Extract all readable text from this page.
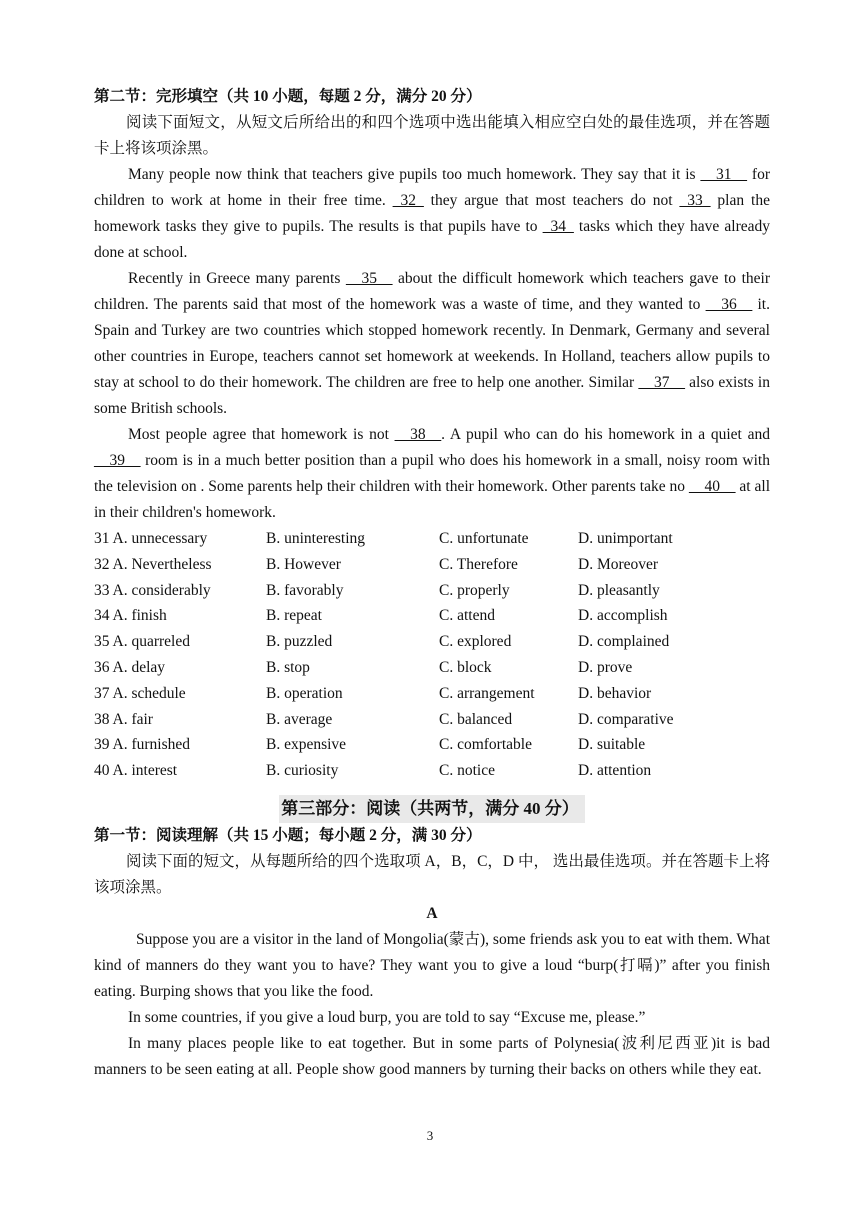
第二节：完形填空（共 10 小题，每题 2 分，满分 20 分）
阅读下面短文，从短文后所给出的和四个选项中选出能填入相应空白处的最佳选项，并在答题卡上将该项涂黑。
Many people now think that teachers give pupils too much homework. They say that it is __31__ for children to work at home in their free time. _32_ they argue that most teachers do not _33_ plan the homework tasks they give to pupils. The results is that pupils have to _34_ tasks which they have already done at school.
Recently in Greece many parents __35__ about the difficult homework which teachers gave to their children. The parents said that most of the homework was a waste of time, and they wanted to __36__ it. Spain and Turkey are two countries which stopped homework recently. In Denmark, Germany and several other countries in Europe, teachers cannot set homework at weekends. In Holland, teachers allow pupils to stay at school to do their homework. The children are free to help one another. Similar __37__ also exists in some British schools.
Most people agree that homework is not __38__. A pupil who can do his homework in a quiet and __39__ room is in a much better position than a pupil who does his homework in a small, noisy room with the television on . Some parents help their children with their homework. Other parents take no __40__ at all in their children's homework.
31 A. unnecessary	B. uninteresting	C. unfortunate	D. unimportant
32 A. Nevertheless	B. However	C. Therefore	D. Moreover
33 A. considerably	B. favorably	C. properly	D. pleasantly
34 A. finish	B. repeat	C. attend	D. accomplish
35 A. quarreled	B. puzzled	C. explored	D. complained
36 A. delay	B. stop	C. block	D. prove
37 A. schedule	B. operation	C. arrangement	D. behavior
38 A. fair	B. average	C. balanced	D. comparative
39 A. furnished	B. expensive	C. comfortable	D. suitable
40 A. interest	B. curiosity	C. notice	D. attention
第三部分：阅读（共两节，满分 40 分）
第一节：阅读理解（共 15 小题；每小题 2 分，满 30 分）
阅读下面的短文，从每题所给的四个选取项 A，B，C，D 中， 选出最佳选项。并在答题卡上将该项涂黑。
A
Suppose you are a visitor in the land of Mongolia(蒙古), some friends ask you to eat with them. What kind of manners do they want you to have? They want you to give a loud “burp(打嗝)” after you finish eating. Burping shows that you like the food.
In some countries, if you give a loud burp, you are told to say “Excuse me, please.”
In many places people like to eat together. But in some parts of Polynesia(波利尼西亚)it is bad manners to be seen eating at all. People show good manners by turning their backs on others while they eat.
3
